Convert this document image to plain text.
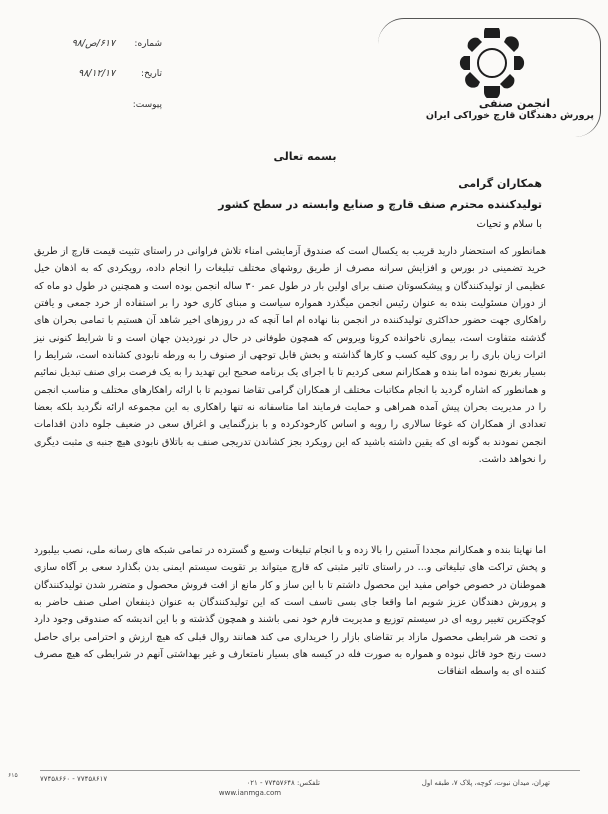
انجمن صنفی
پرورش دهندگان قارچ خوراکی ایران
شماره: ۶۱۷/ص/۹۸
تاریخ: ۹۸/۱۲/۱۷
پیوست:
بسمه تعالی
همکاران گرامی
تولیدکننده محترم صنف قارچ و صنایع وابسته در سطح کشور
با سلام و تحیات
همانطور که استحضار دارید قریب به یکسال است که صندوق آزمایشی امناء تلاش فراوانی در راستای تثبیت قیمت قارچ از طریق خرید تضمینی در بورس و افزایش سرانه مصرف از طریق روشهای مختلف تبلیغات را انجام داده، رویکردی که به اذهان خیل عظیمی از تولیدکنندگان و پیشکسوتان صنف برای اولین بار در طول عمر ۳۰ ساله انجمن بوده است و همچنین در طول دو ماه که از دوران مسئولیت بنده به عنوان رئیس انجمن میگذرد همواره سیاست و مبنای کاری خود را بر استفاده از خرد جمعی و یافتن راهکاری جهت حضور حداکثری تولیدکننده در انجمن بنا نهاده ام اما آنچه که در روزهای اخیر شاهد آن هستیم با تمامی بحران های گذشته متفاوت است، بیماری ناخوانده کرونا ویروس که همچون طوفانی در حال در نوردیدن جهان است و تا شرایط کنونی نیز اثرات زیان باری را بر روی کلیه کسب و کارها گذاشته و بخش قابل توجهی از صنوف را به ورطه نابودی کشانده است، شرایط را بسیار بغرنج نموده اما بنده و همکارانم سعی کردیم تا با اجرای یک برنامه صحیح این تهدید را به یک فرصت برای صنف تبدیل نمائیم و همانطور که اشاره گردید با انجام مکاتبات مختلف از همکاران گرامی تقاضا نمودیم تا با ارائه راهکارهای مختلف و مناسب انجمن را در مدیریت بحران پیش آمده همراهی و حمایت فرمایند اما متاسفانه نه تنها راهکاری به این مجموعه ارائه نگردید بلکه بعضا تعدادی از همکاران که غوغا سالاری را رویه و اساس کارخودکرده و با بزرگنمایی و اغراق سعی در ضعیف جلوه دادن اقدامات انجمن نمودند به گونه ای که یقین داشته باشید که این رویکرد بجز کشاندن تدریجی صنف به باتلاق نابودی هیچ جنبه ی مثبت دیگری را نخواهد داشت.
اما نهایتا بنده و همکارانم مجددا آستین را بالا زده و با انجام تبلیغات وسیع و گسترده در تمامی شبکه های رسانه ملی، نصب بیلبورد و پخش تراکت های تبلیغاتی و... در راستای تاثیر مثبتی که قارچ میتواند بر تقویت سیستم ایمنی بدن بگذارد سعی بر آگاه سازی هموطنان در خصوص خواص مفید این محصول داشتم تا با این ساز و کار مانع از افت فروش محصول و متضرر شدن تولیدکنندگان و پرورش دهندگان عزیز شویم اما واقعا جای بسی تاسف است که این تولیدکنندگان به عنوان ذینفعان اصلی صنف حاضر به کوچکترین تغییر رویه ای در سیستم توزیع و مدیریت فارم خود نمی باشند و همچون گذشته و با این اندیشه که صندوقی وجود دارد و تحت هر شرایطی محصول مازاد بر تقاضای بازار را خریداری می کند همانند روال قبلی که هیچ ارزش و احترامی برای حاصل دست رنج خود قائل نبوده و همواره به صورت فله در کیسه های بسیار نامتعارف و غیر بهداشتی آنهم در شرایطی که هیچ مصرف کننده ای به واسطه اتفاقات
تهران، میدان نبوت، کوچه، پلاک ۷، طبقه اول
تلفکس: ۷۷۴۵۷۶۴۸ - ۰۲۱
www.ianmga.com
۷۷۴۵۸۶۶۰ - ۷۷۴۵۸۶۱۷
۶۱۵
